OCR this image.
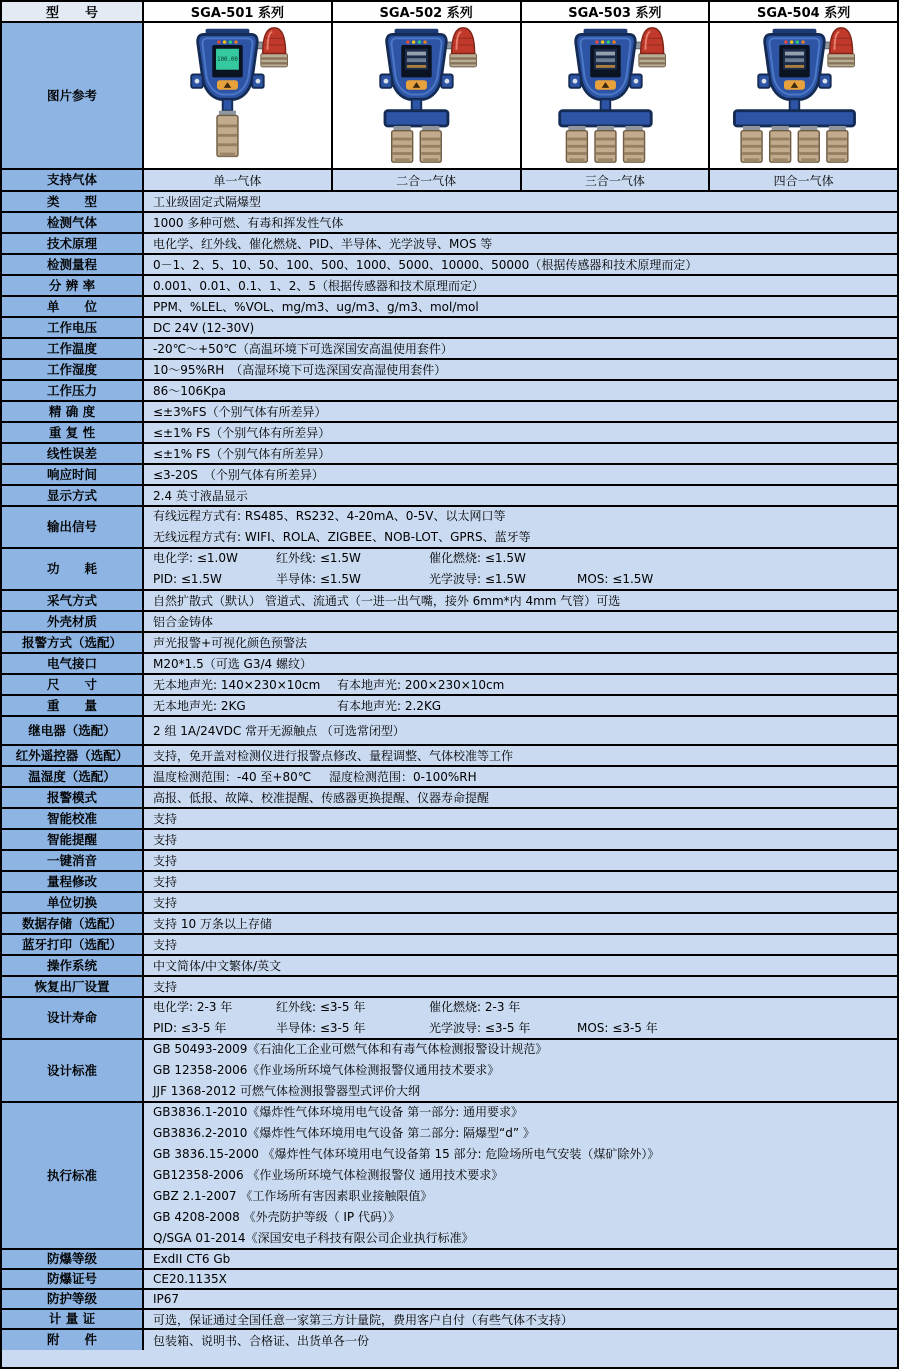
型　　号	SGA-501 系列	SGA-502 系列	SGA-503 系列	SGA-504 系列
图片参考
100.00
支持气体	单一气体	二合一气体	三合一气体	四合一气体
类　　型	工业级固定式隔爆型
检测气体	1000 多种可燃、有毒和挥发性气体
技术原理	电化学、红外线、催化燃烧、PID、半导体、光学波导、MOS 等
检测量程	0－1、2、5、10、50、100、500、1000、5000、10000、50000（根据传感器和技术原理而定）
分 辨 率	0.001、0.01、0.1、1、2、5（根据传感器和技术原理而定）
单　　位	PPM、%LEL、%VOL、mg/m3、ug/m3、g/m3、mol/mol
工作电压	DC 24V (12-30V)
工作温度	-20℃～+50℃（高温环境下可选深国安高温使用套件）
工作湿度	10～95%RH　（高湿环境下可选深国安高湿使用套件）
工作压力	86～106Kpa
精 确 度	≤±3%FS（个别气体有所差异）
重 复 性	≤±1% FS（个别气体有所差异）
线性误差	≤±1% FS（个别气体有所差异）
响应时间	≤3-20S　（个别气体有所差异）
显示方式	2.4 英寸液晶显示
输出信号
有线远程方式有: RS485、RS232、4-20mA、0-5V、以太网口等
无线远程方式有: WIFI、ROLA、ZIGBEE、NOB-LOT、GPRS、蓝牙等
功　　耗
电化学: ≤1.0W	红外线: ≤1.5W	催化燃烧: ≤1.5W
PID: ≤1.5W	半导体: ≤1.5W	光学波导: ≤1.5W	MOS: ≤1.5W
采气方式	自然扩散式（默认） 管道式、流通式（一进一出气嘴，接外 6mm*内 4mm 气管）可选
外壳材质	铝合金铸体
报警方式（选配）	声光报警+可视化颜色预警法
电气接口	M20*1.5（可选 G3/4 螺纹）
尺　　寸	无本地声光: 140×230×10cm	有本地声光: 200×230×10cm
重　　量	无本地声光: 2KG	有本地声光: 2.2KG
继电器（选配）	2 组 1A/24VDC 常开无源触点 （可选常闭型）
红外遥控器（选配）	支持，免开盖对检测仪进行报警点修改、量程调整、气体校准等工作
温湿度（选配）	温度检测范围：-40 至+80℃	湿度检测范围：0-100%RH
报警模式	高报、低报、故障、校准提醒、传感器更换提醒、仪器寿命提醒
智能校准	支持
智能提醒	支持
一键消音	支持
量程修改	支持
单位切换	支持
数据存储（选配）	支持 10 万条以上存储
蓝牙打印（选配）	支持
操作系统	中文简体/中文繁体/英文
恢复出厂设置	支持
设计寿命
电化学: 2-3 年	红外线: ≤3-5 年	催化燃烧: 2-3 年
PID: ≤3-5 年	半导体: ≤3-5 年	光学波导: ≤3-5 年	MOS: ≤3-5 年
设计标准
GB 50493-2009《石油化工企业可燃气体和有毒气体检测报警设计规范》
GB 12358-2006《作业场所环境气体检测报警仪通用技术要求》
JJF 1368-2012 可燃气体检测报警器型式评价大纲
执行标准
GB3836.1-2010《爆炸性气体环境用电气设备 第一部分: 通用要求》
GB3836.2-2010《爆炸性气体环境用电气设备 第二部分: 隔爆型“d” 》
GB 3836.15-2000 《爆炸性气体环境用电气设备第 15 部分: 危险场所电气安装（煤矿除外）》
GB12358-2006 《作业场所环境气体检测报警仪 通用技术要求》
GBZ 2.1-2007 《工作场所有害因素职业接触限值》
GB 4208-2008 《外壳防护等级（ IP 代码）》
Q/SGA 01-2014《深国安电子科技有限公司企业执行标准》
防爆等级	ExdII CT6 Gb
防爆证号	CE20.1135X
防护等级	IP67
计 量 证	可选，保证通过全国任意一家第三方计量院，费用客户自付（有些气体不支持）
附　　件	包装箱、说明书、合格证、出货单各一份
